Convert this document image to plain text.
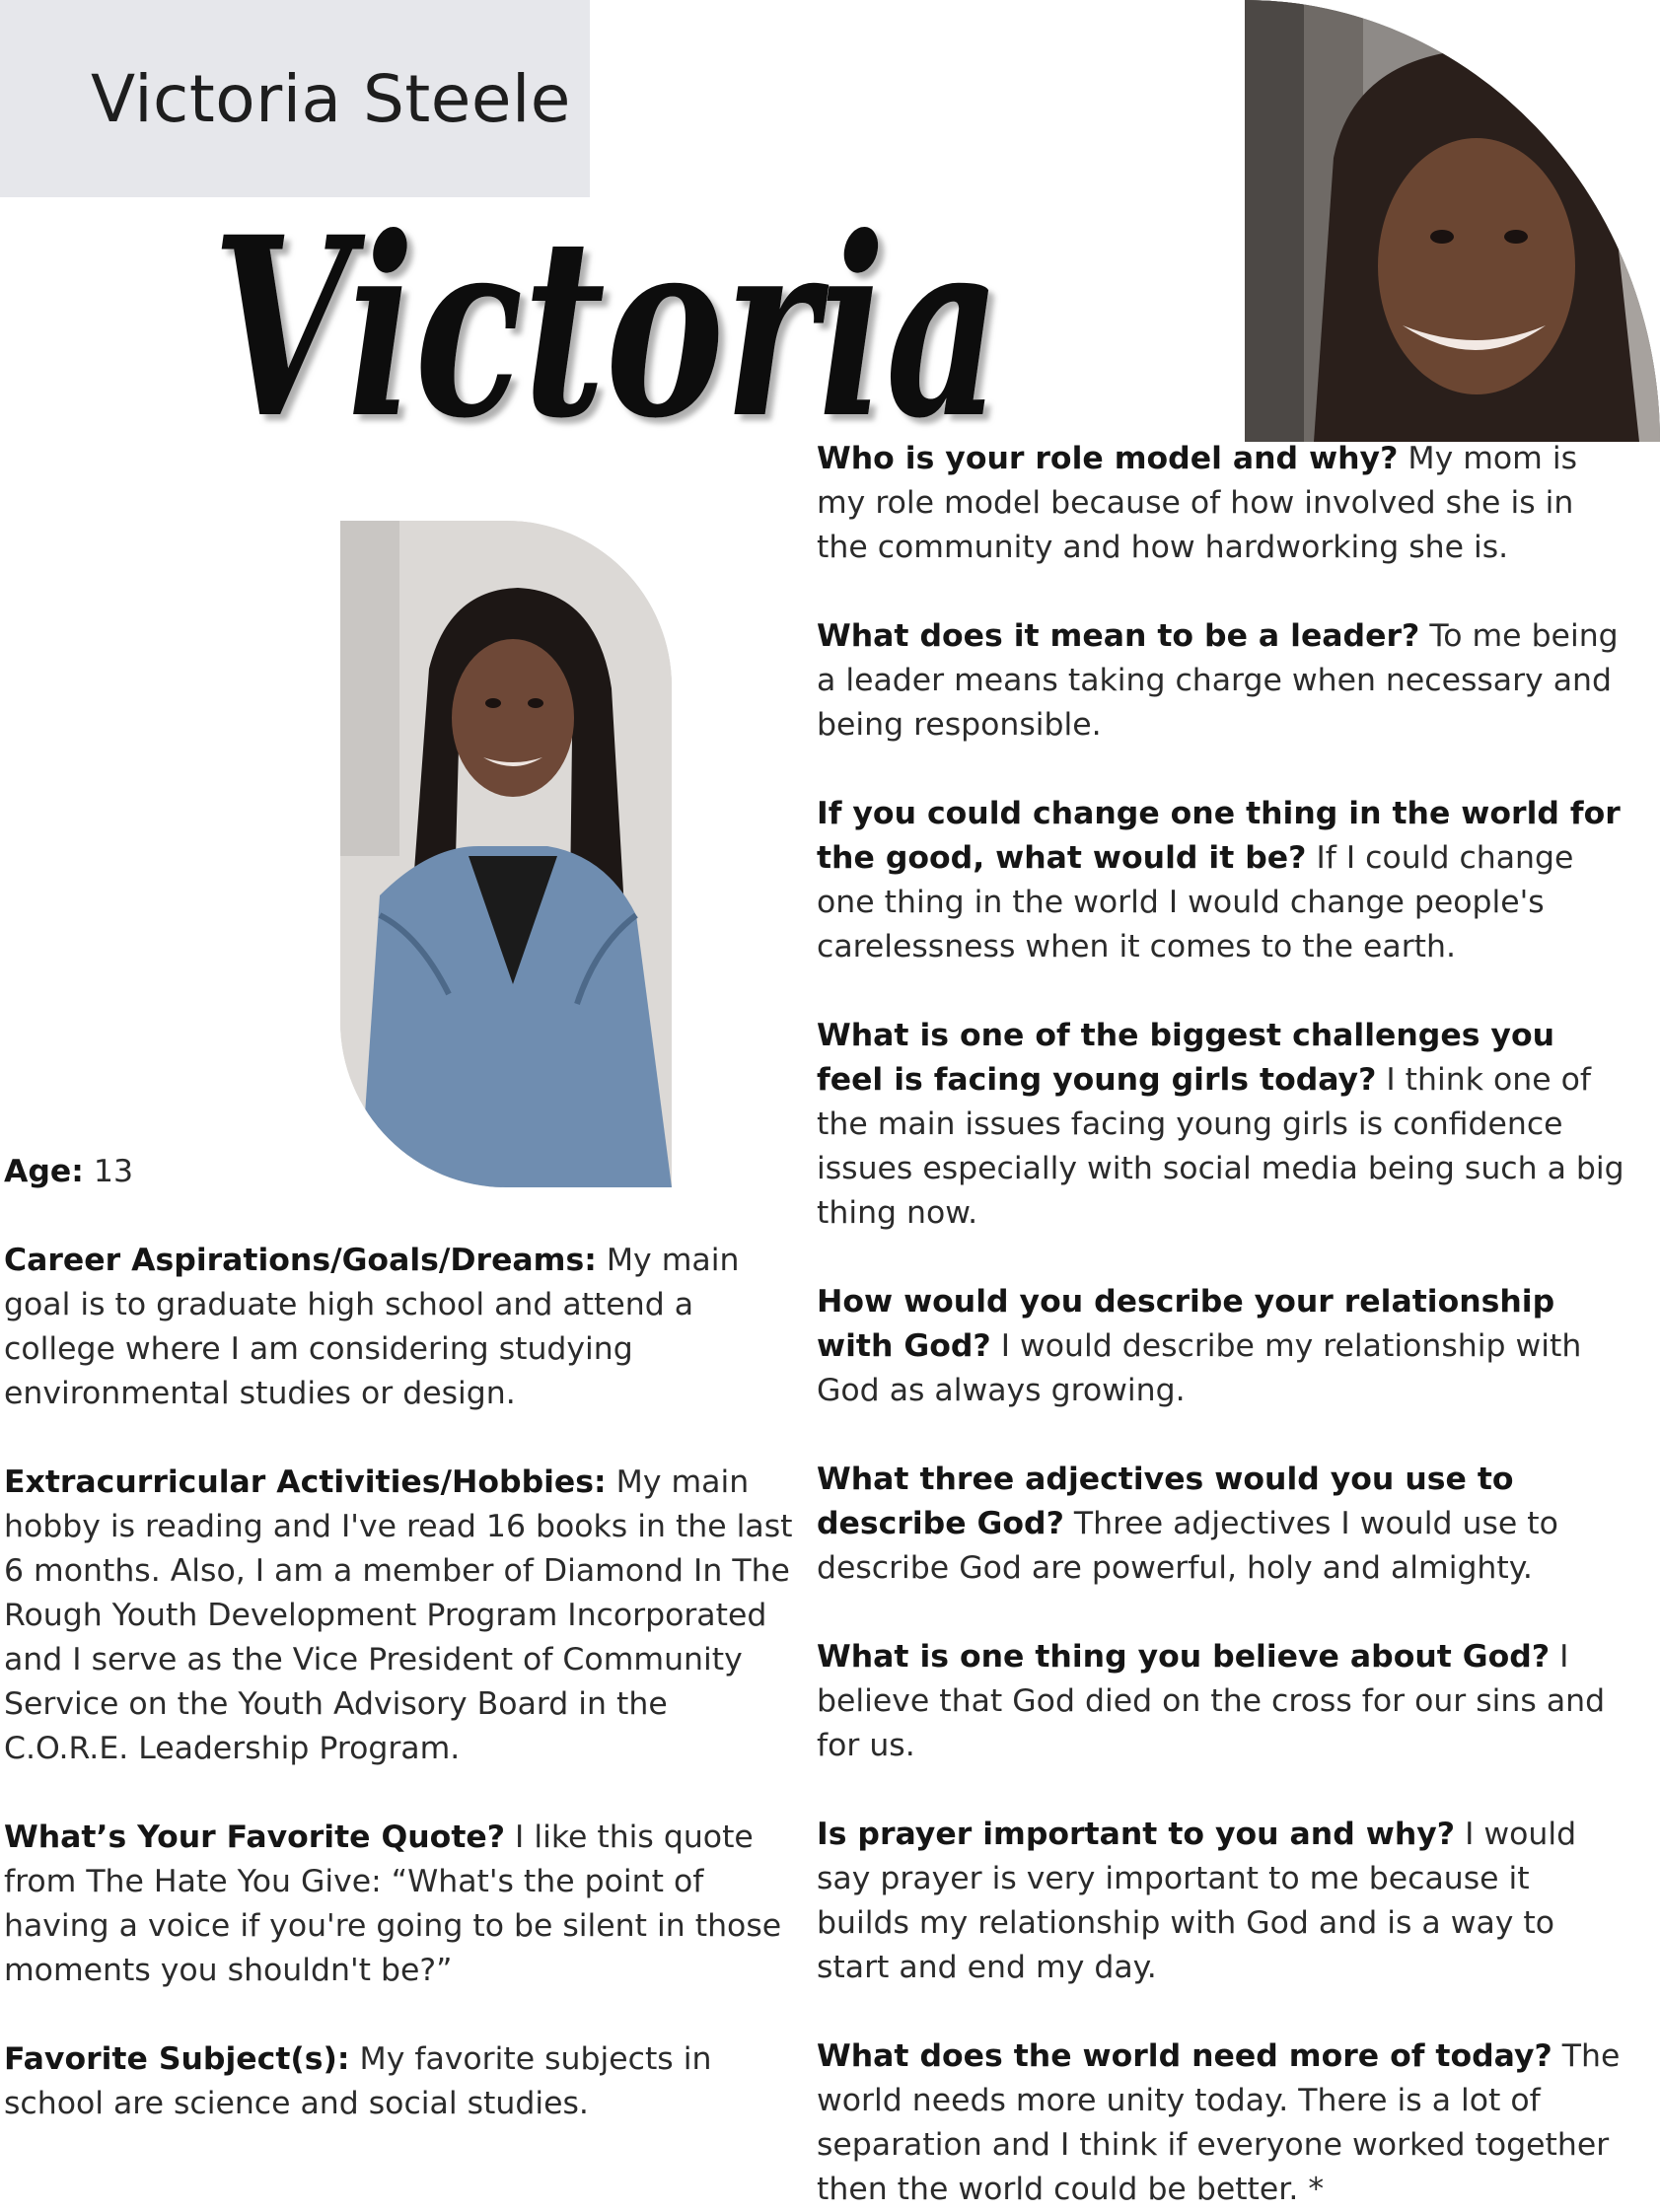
Victoria Steele
Victoria
Age: 13
Career Aspirations/Goals/Dreams: My main goal is to graduate high school and attend a college where I am considering studying environmental studies or design.
Extracurricular Activities/Hobbies: My main hobby is reading and I've read 16 books in the last 6 months. Also, I am a member of Diamond In The Rough Youth Development Program Incorporated and I serve as the Vice President of Community Service on the Youth Advisory Board in the C.O.R.E. Leadership Program.
What’s Your Favorite Quote? I like this quote from The Hate You Give: “What's the point of having a voice if you're going to be silent in those moments you shouldn't be?”
Favorite Subject(s): My favorite subjects in school are science and social studies.
Who is your role model and why? My mom is my role model because of how involved she is in the community and how hardworking she is.
What does it mean to be a leader? To me being a leader means taking charge when necessary and being responsible.
If you could change one thing in the world for the good, what would it be? If I could change one thing in the world I would change people's carelessness when it comes to the earth.
What is one of the biggest challenges you feel is facing young girls today? I think one of the main issues facing young girls is confidence issues especially with social media being such a big thing now.
How would you describe your relationship with God? I would describe my relationship with God as always growing.
What three adjectives would you use to describe God? Three adjectives I would use to describe God are powerful, holy and almighty.
What is one thing you believe about God? I believe that God died on the cross for our sins and for us.
Is prayer important to you and why? I would say prayer is very important to me because it builds my relationship with God and is a way to start and end my day.
What does the world need more of today? The world needs more unity today. There is a lot of separation and I think if everyone worked together then the world could be better. *
